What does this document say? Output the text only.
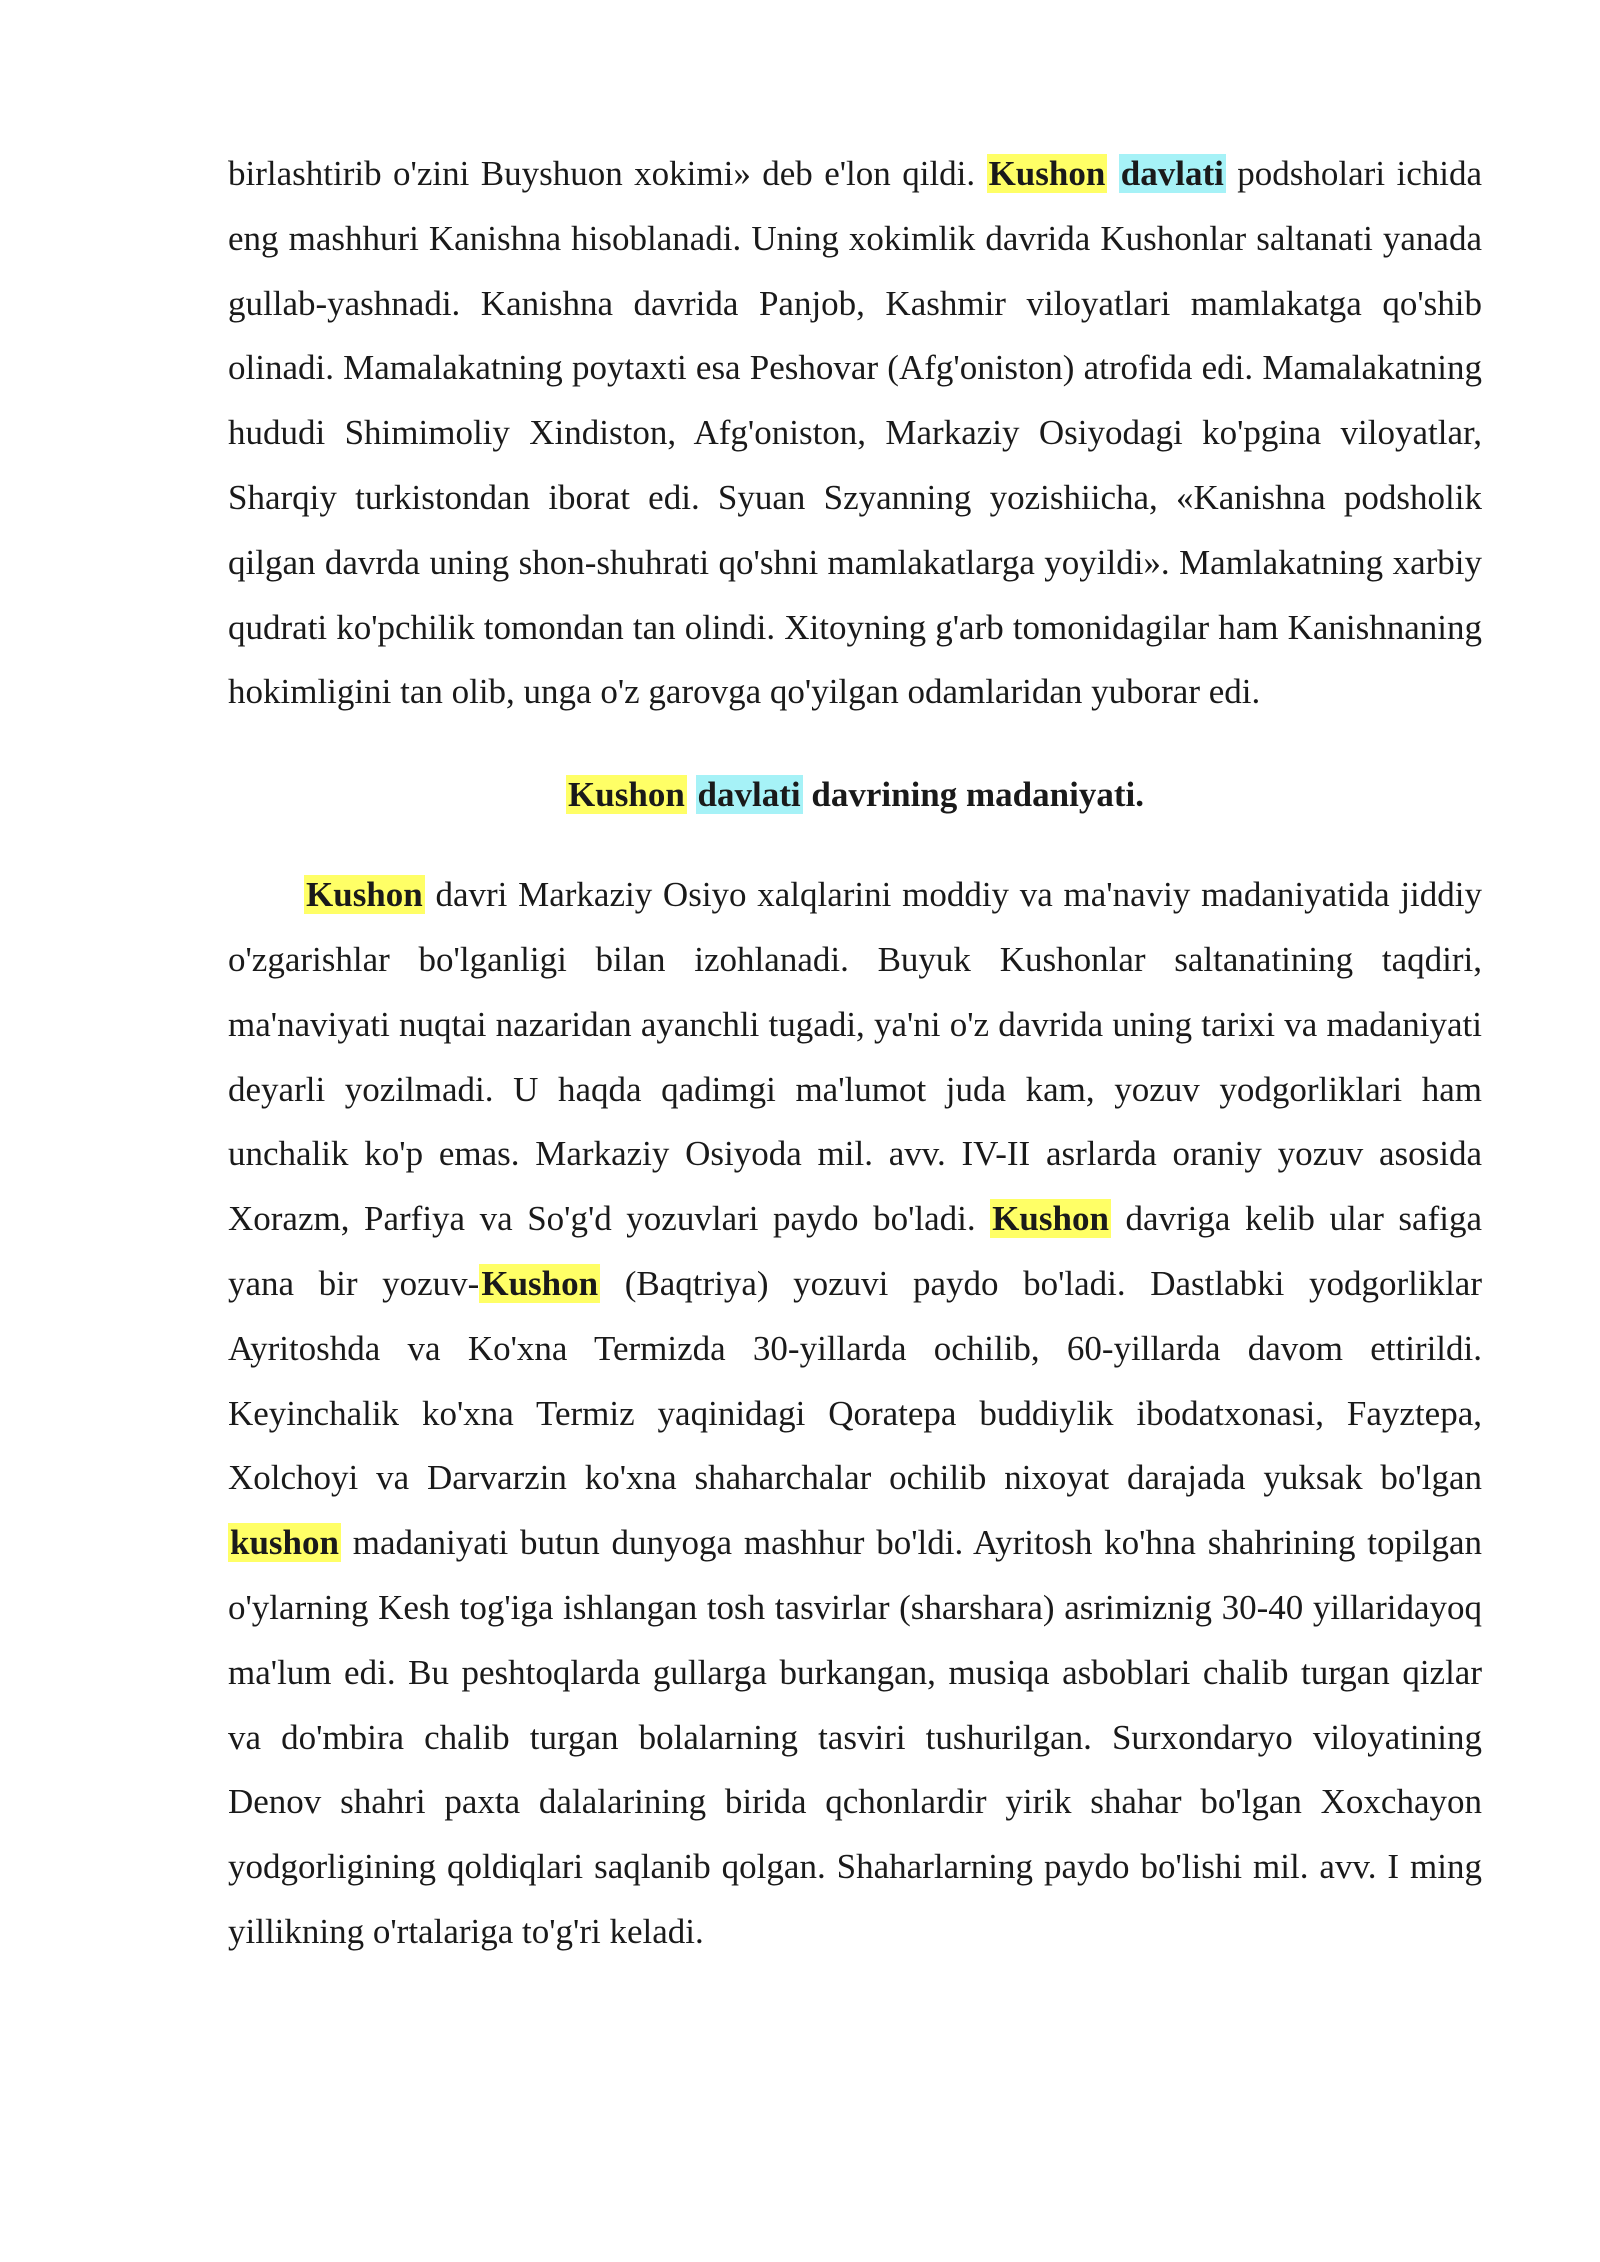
birlashtirib o'zini Buyshuon xokimi» deb e'lon qildi. Kushon davlati podsholari ichida eng mashhuri Kanishna hisoblanadi. Uning xokimlik davrida Kushonlar saltanati yanada gullab-yashnadi. Kanishna davrida Panjob, Kashmir viloyatlari mamlakatga qo'shib olinadi. Mamalakatning poytaxti esa Peshovar (Afg'oniston) atrofida edi. Mamalakatning hududi Shimimoliy Xindiston, Afg'oniston, Markaziy Osiyodagi ko'pgina viloyatlar, Sharqiy turkistondan iborat edi. Syuan Szyanning yozishiicha, «Kanishna podsholik qilgan davrda uning shon-shuhrati qo'shni mamlakatlarga yoyildi». Mamlakatning xarbiy qudrati ko'pchilik tomondan tan olindi. Xitoyning g'arb tomonidagilar ham Kanishnaning hokimligini tan olib, unga o'z garovga qo'yilgan odamlaridan yuborar edi.

Kushon davlati davrining madaniyati.

Kushon davri Markaziy Osiyo xalqlarini moddiy va ma'naviy madaniyatida jiddiy o'zgarishlar bo'lganligi bilan izohlanadi. Buyuk Kushonlar saltanatining taqdiri, ma'naviyati nuqtai nazaridan ayanchli tugadi, ya'ni o'z davrida uning tarixi va madaniyati deyarli yozilmadi. U haqda qadimgi ma'lumot juda kam, yozuv yodgorliklari ham unchalik ko'p emas. Markaziy Osiyoda mil. avv. IV-II asrlarda oraniy yozuv asosida Xorazm, Parfiya va So'g'd yozuvlari paydo bo'ladi. Kushon davriga kelib ular safiga yana bir yozuv-Kushon (Baqtriya) yozuvi paydo bo'ladi. Dastlabki yodgorliklar Ayritoshda va Ko'xna Termizda 30-yillarda ochilib, 60-yillarda davom ettirildi. Keyinchalik ko'xna Termiz yaqinidagi Qoratepa buddiylik ibodatxonasi, Fayztepa, Xolchoyi va Darvarzin ko'xna shaharchalar ochilib nixoyat darajada yuksak bo'lgan kushon madaniyati butun dunyoga mashhur bo'ldi. Ayritosh ko'hna shahrining topilgan o'ylarning Kesh tog'iga ishlangan tosh tasvirlar (sharshara) asrimiznig 30-40 yillaridayoq ma'lum edi. Bu peshtoqlarda gullarga burkangan, musiqa asboblari chalib turgan qizlar va do'mbira chalib turgan bolalarning tasviri tushurilgan. Surxondaryo viloyatining Denov shahri paxta dalalarining birida qchonlardir yirik shahar bo'lgan Xoxchayon yodgorligining qoldiqlari saqlanib qolgan. Shaharlarning paydo bo'lishi mil. avv. I ming yillikning o'rtalariga to'g'ri keladi.
